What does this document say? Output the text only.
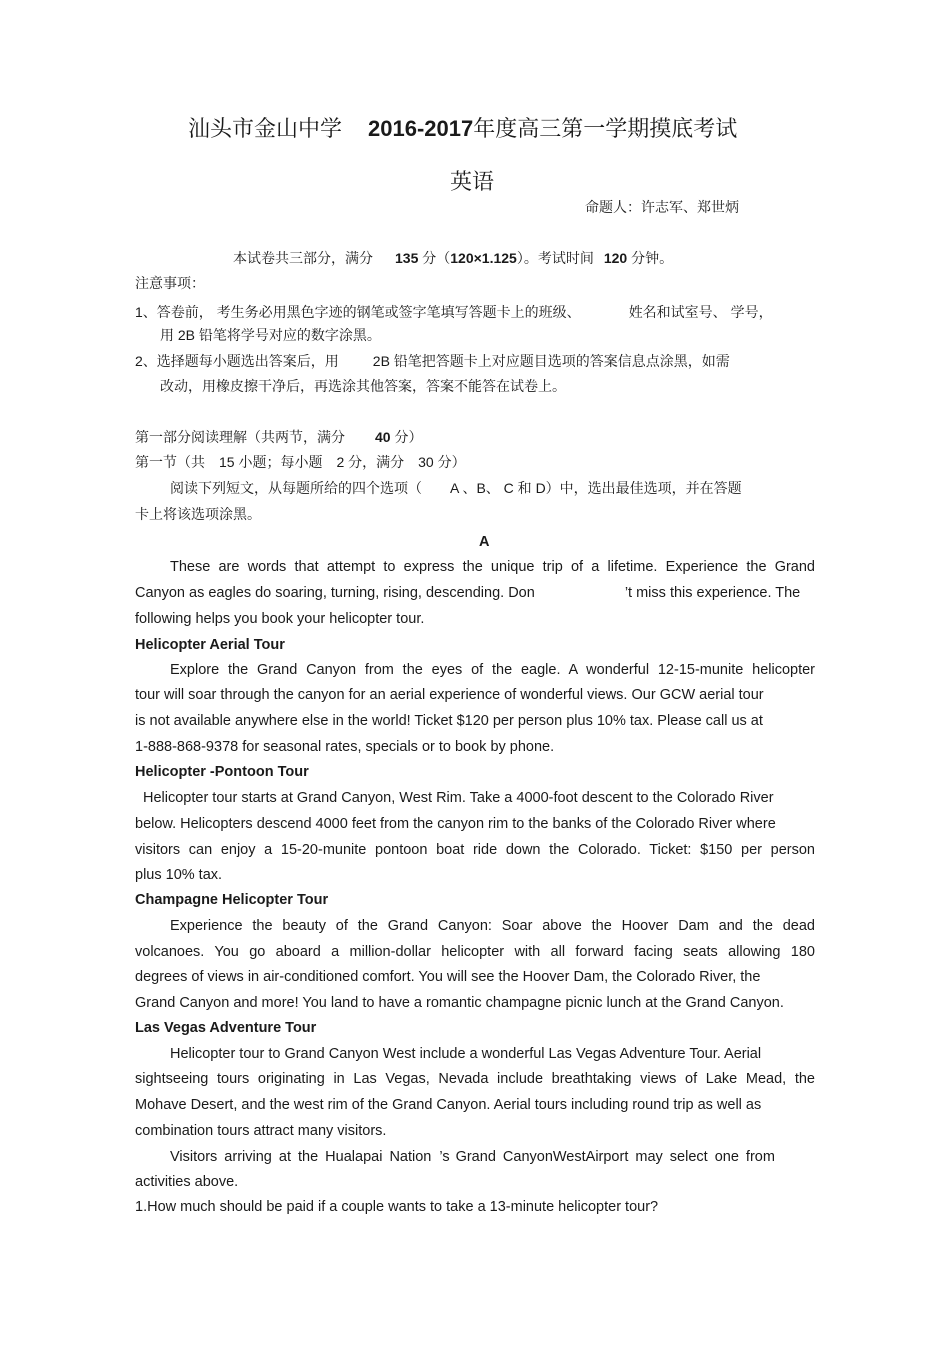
汕头市金山中学 2016-2017年度高三第一学期摸底考试
英语
命题人：许志军、郑世炳
本试卷共三部分，满分 135 分（120×1.125）。考试时间 120 分钟。
注意事项：
1、答卷前， 考生务必用黑色字迹的钢笔或签字笔填写答题卡上的班级、	姓名和试室号、 学号，
用 2B 铅笔将学号对应的数字涂黑。
2、选择题每小题选出答案后，用 2B 铅笔把答题卡上对应题目选项的答案信息点涂黑，如需
改动，用橡皮擦干净后，再选涂其他答案，答案不能答在试卷上。
第一部分阅读理解（共两节，满分 40 分）
第一节（共　15 小题；每小题　2 分，满分　30 分）
阅读下列短文，从每题所给的四个选项（　　A 、B、 C 和 D）中，选出最佳选项，并在答题
卡上将该选项涂黑。
A
These are words that attempt to express the unique trip of a lifetime. Experience the Grand
Canyon as eagles do soaring, turning, rising, descending. Don	’t miss this experience. The
following helps you book your helicopter tour.
Helicopter Aerial Tour
Explore the Grand Canyon from the eyes of the eagle. A wonderful 12-15-munite helicopter
tour will soar through the canyon for an aerial experience of wonderful views. Our GCW aerial tour
is not available anywhere else in the world! Ticket $120 per person plus 10% tax. Please call us at
1-888-868-9378 for seasonal rates, specials or to book by phone.
Helicopter -Pontoon Tour
Helicopter tour starts at Grand Canyon, West Rim. Take a 4000-foot descent to the Colorado River
below. Helicopters descend 4000 feet from the canyon rim to the banks of the Colorado River where
visitors can enjoy a 15-20-munite pontoon boat ride down the Colorado. Ticket: $150 per person
plus 10% tax.
Champagne Helicopter Tour
Experience the beauty of the Grand Canyon: Soar above the Hoover Dam and the dead
volcanoes. You go aboard a million-dollar helicopter with all forward facing seats allowing 180
degrees of views in air-conditioned comfort. You will see the Hoover Dam, the Colorado River, the
Grand Canyon and more! You land to have a romantic champagne picnic lunch at the Grand Canyon.
Las Vegas Adventure Tour
Helicopter tour to Grand Canyon West include a wonderful Las Vegas Adventure Tour. Aerial
sightseeing tours originating in Las Vegas, Nevada include breathtaking views of Lake Mead, the
Mohave Desert, and the west rim of the Grand Canyon. Aerial tours including round trip as well as
combination tours attract many visitors.
Visitors arriving at the Hualapai Nation ’s Grand CanyonWestAirport may select one from
activities above.
1.How much should be paid if a couple wants to take a 13-minute helicopter tour?
